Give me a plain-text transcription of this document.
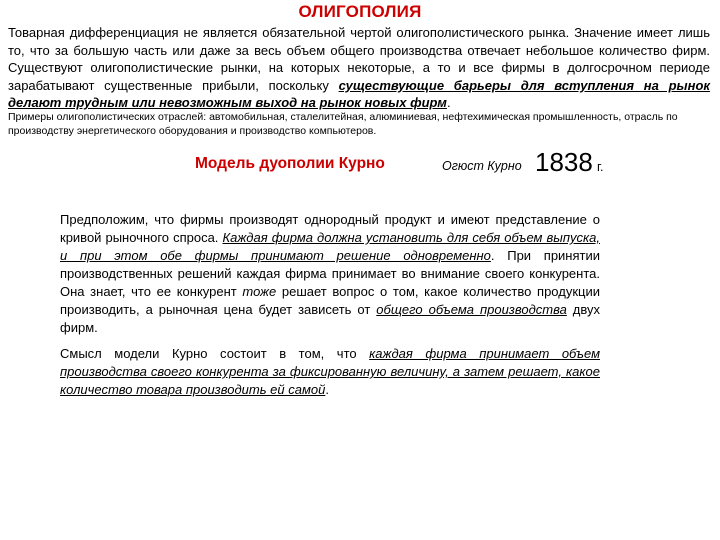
ОЛИГОПОЛИЯ
Товарная дифференциация не является обязательной чертой олигополистического рынка. Значение имеет лишь то, что за большую часть или даже за весь объем общего производства отвечает небольшое количество фирм. Существуют олигополистические рынки, на которых некоторые, а то и все фирмы в долгосрочном периоде зарабатывают существенные прибыли, поскольку существующие барьеры для вступления на рынок делают трудным или невозможным выход на рынок новых фирм.
Примеры олигополистических отраслей: автомобильная, сталелитейная, алюминиевая, нефтехимическая промышленность, отрасль по производству энергетического оборудования и производство компьютеров.
Модель дуополии Курно	Огюст Курно 1838 г.
Предположим, что фирмы производят однородный продукт и имеют представление о кривой рыночного спроса. Каждая фирма должна установить для себя объем выпуска, и при этом обе фирмы принимают решение одновременно. При принятии производственных решений каждая фирма принимает во внимание своего конкурента. Она знает, что ее конкурент тоже решает вопрос о том, какое количество продукции производить, а рыночная цена будет зависеть от общего объема производства двух фирм.
Смысл модели Курно состоит в том, что каждая фирма принимает объем производства своего конкурента за фиксированную величину, а затем решает, какое количество товара производить ей самой.
